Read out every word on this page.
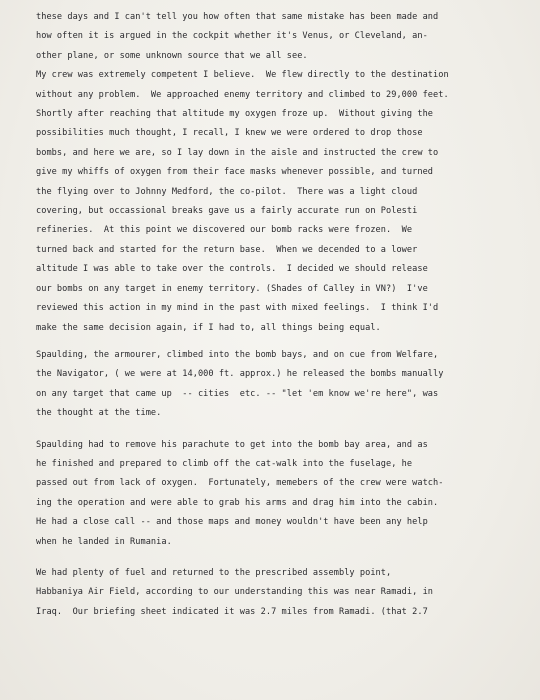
these days and I can't tell you how often that same mistake has been made and
how often it is argued in the cockpit whether it's Venus, or Cleveland, an-
other plane, or some unknown source that we all see.

My crew was extremely competent I believe.  We flew directly to the destination
without any problem.  We approached enemy territory and climbed to 29,000 feet.
Shortly after reaching that altitude my oxygen froze up.  Without giving the
possibilities much thought, I recall, I knew we were ordered to drop those
bombs, and here we are, so I lay down in the aisle and instructed the crew to
give my whiffs of oxygen from their face masks whenever possible, and turned
the flying over to Johnny Medford, the co-pilot.  There was a light cloud
covering, but occassional breaks gave us a fairly accurate run on Polesti
refineries.  At this point we discovered our bomb racks were frozen.  We
turned back and started for the return base.  When we decended to a lower
altitude I was able to take over the controls.  I decided we should release
our bombs on any target in enemy territory. (Shades of Calley in VN?)  I've
reviewed this action in my mind in the past with mixed feelings.  I think I'd
make the same decision again, if I had to, all things being equal.

Spaulding, the armourer, climbed into the bomb bays, and on cue from Welfare,
the Navigator, ( we were at 14,000 ft. approx.) he released the bombs manually
on any target that came up  -- cities  etc. -- "let 'em know we're here", was
the thought at the time.

Spaulding had to remove his parachute to get into the bomb bay area, and as
he finished and prepared to climb off the cat-walk into the fuselage, he
passed out from lack of oxygen.  Fortunately, memebers of the crew were watch-
ing the operation and were able to grab his arms and drag him into the cabin.
He had a close call -- and those maps and money wouldn't have been any help
when he landed in Rumania.

We had plenty of fuel and returned to the prescribed assembly point,
Habbaniya Air Field, according to our understanding this was near Ramadi, in
Iraq.  Our briefing sheet indicated it was 2.7 miles from Ramadi. (that 2.7
